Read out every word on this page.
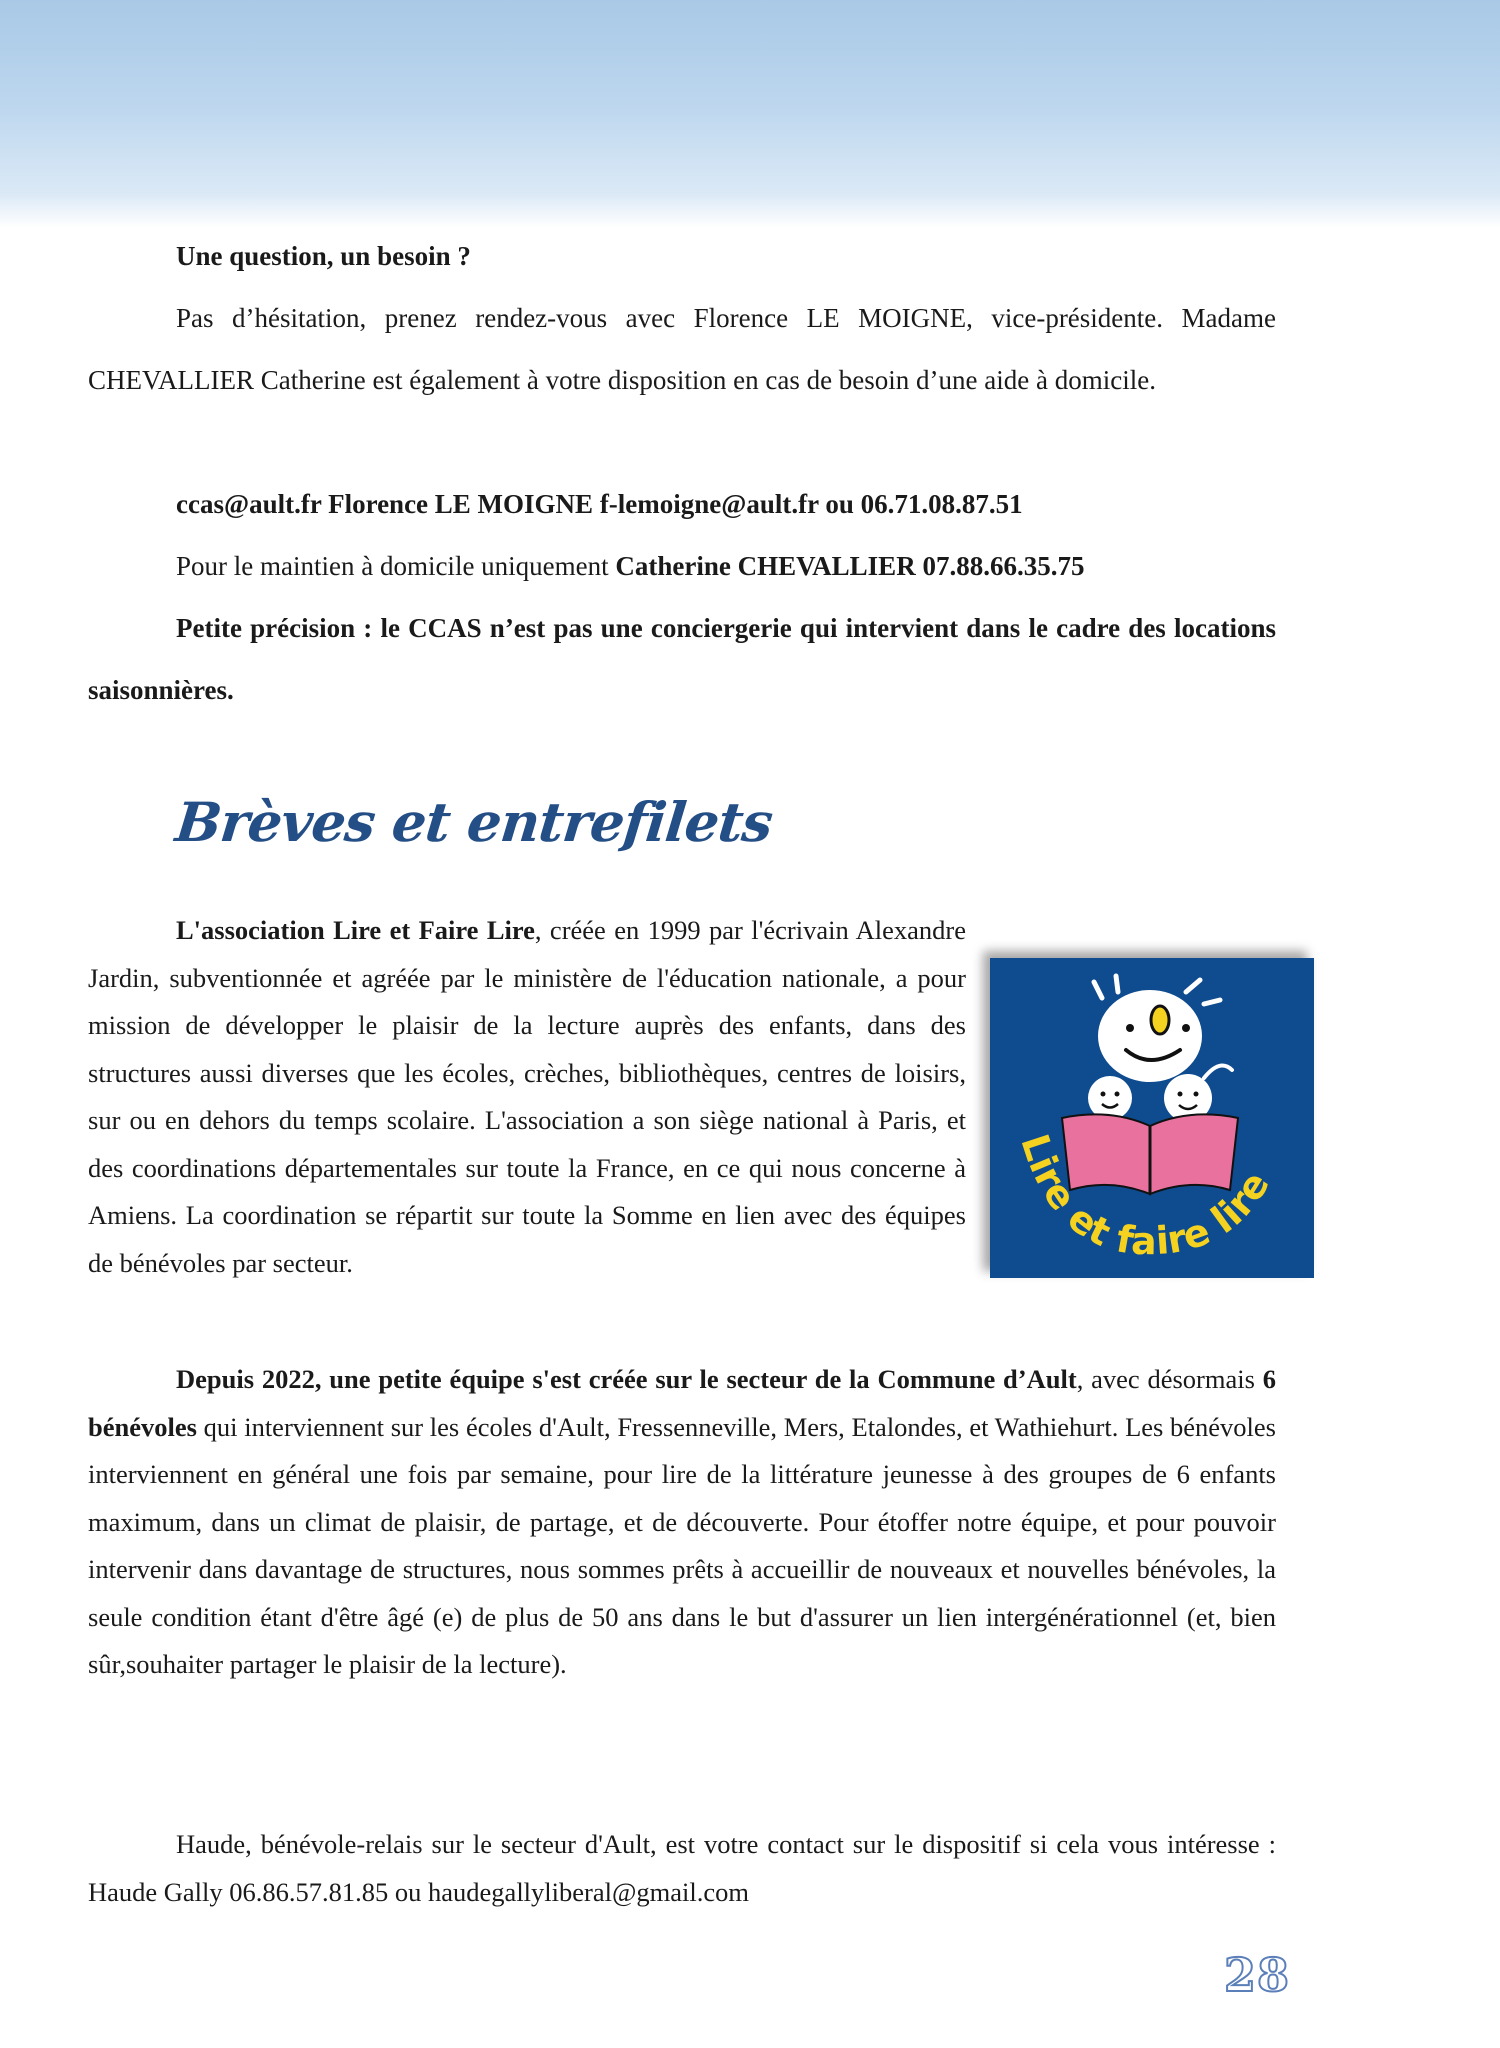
Une question, un besoin ?
Pas d’hésitation, prenez rendez-vous avec Florence LE MOIGNE, vice-présidente. Madame CHEVALLIER Catherine est également à votre disposition en cas de besoin d’une aide à domicile.
ccas@ault.fr Florence LE MOIGNE f-lemoigne@ault.fr ou 06.71.08.87.51
Pour le maintien à domicile uniquement Catherine CHEVALLIER 07.88.66.35.75
Petite précision : le CCAS n’est pas une conciergerie qui intervient dans le cadre des locations saisonnières.
Brèves et entrefilets
L'association Lire et Faire Lire, créée en 1999 par l'écrivain Alexandre Jardin, subventionnée et agréée par le ministère de l'éducation nationale, a pour mission de développer le plaisir de la lecture auprès des enfants, dans des structures aussi diverses que les écoles, crèches, bibliothèques, centres de loisirs, sur ou en dehors du temps scolaire. L'association a son siège national à Paris, et des coordinations départementales sur toute la France, en ce qui nous concerne à Amiens. La coordination se répartit sur toute la Somme en lien avec des équipes de bénévoles par secteur.
Lire et faire lire
Depuis 2022, une petite équipe s'est créée sur le secteur de la Commune d’Ault, avec désormais 6 bénévoles qui interviennent sur les écoles d'Ault, Fressenneville, Mers, Etalondes, et Wathiehurt. Les bénévoles interviennent en général une fois par semaine, pour lire de la littérature jeunesse à des groupes de 6 enfants maximum, dans un climat de plaisir, de partage, et de découverte. Pour étoffer notre équipe, et pour pouvoir intervenir dans davantage de structures, nous sommes prêts à accueillir de nouveaux et nouvelles bénévoles, la seule condition étant d'être âgé (e) de plus de 50 ans dans le but d'assurer un lien intergénérationnel (et, bien sûr,souhaiter partager le plaisir de la lecture).
Haude, bénévole-relais sur le secteur d'Ault, est votre contact sur le dispositif si cela vous intéresse : Haude Gally 06.86.57.81.85 ou haudegallyliberal@gmail.com
28
